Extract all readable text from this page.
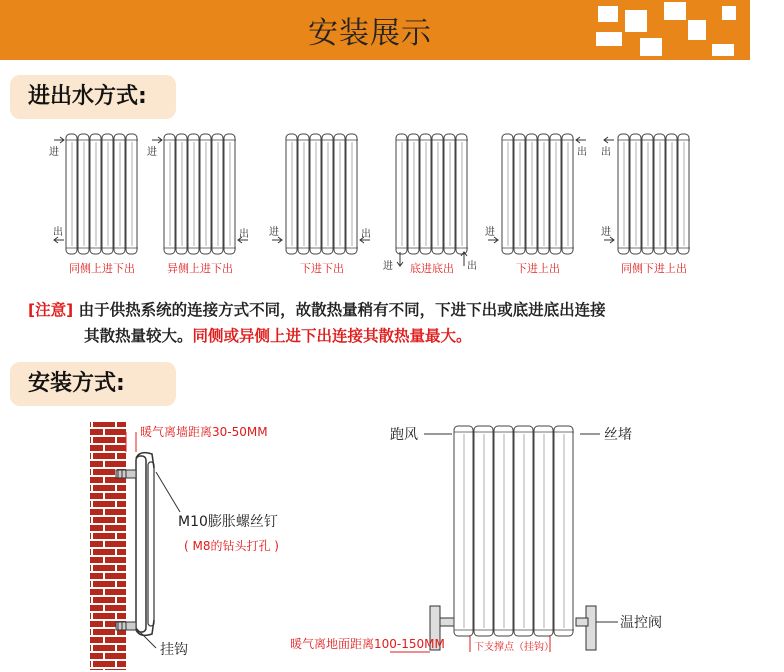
安装展示
进出水方式:
进
出
同侧上进下出
进
出
异侧上进下出
进	出
下进下出	进	出
底进底出
进
出
下进上出
进
出
同侧下进上出
[注意] 由于供热系统的连接方式不同，故散热量稍有不同，下进下出或底进底出连接
其散热量较大。同侧或异侧上进下出连接其散热量最大。
安装方式:
暖气离墙距离30-50MM
M10膨胀螺丝钉
( M8的钻头打孔 )
挂钩
跑风	丝堵
下支撑点（挂钩）
温控阀
暖气离地面距离100-150MM
